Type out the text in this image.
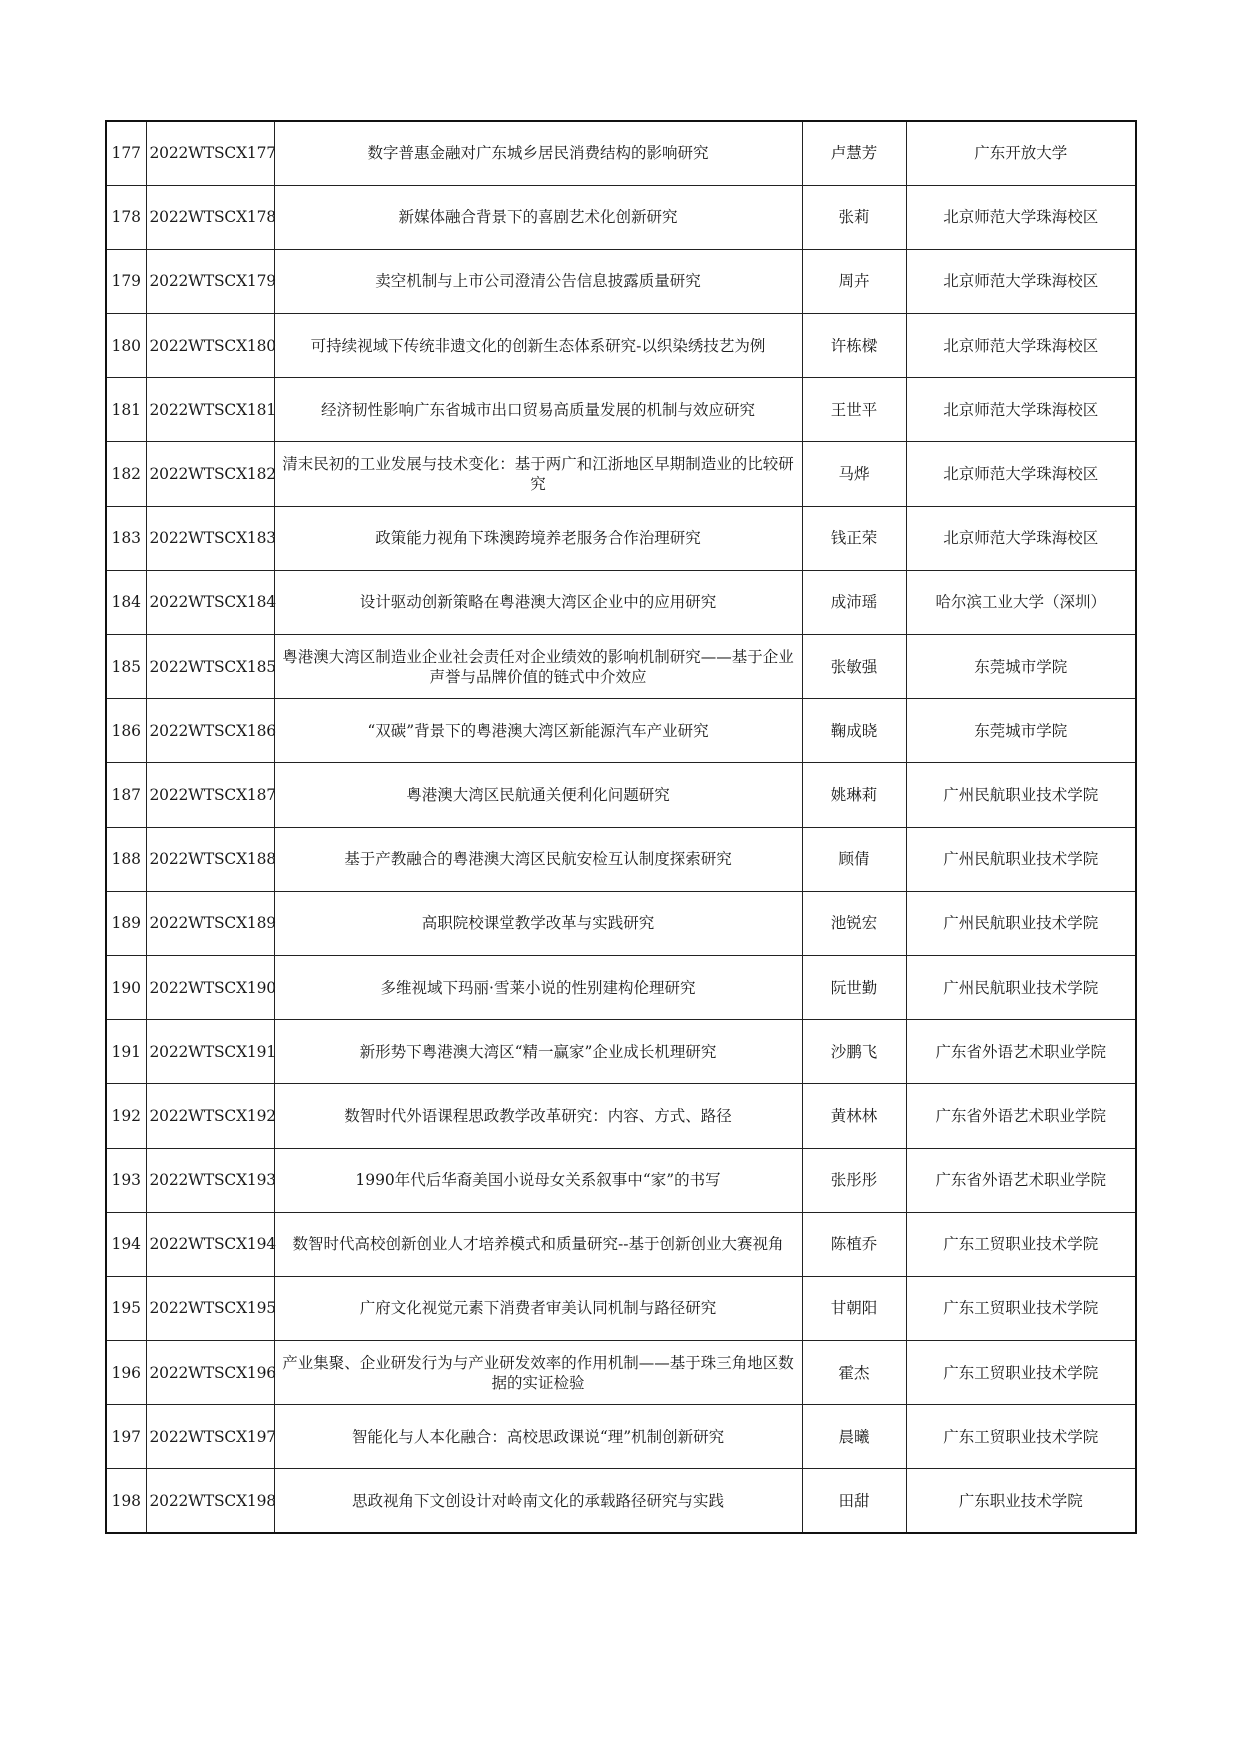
177	2022WTSCX177	数字普惠金融对广东城乡居民消费结构的影响研究	卢慧芳	广东开放大学
178	2022WTSCX178	新媒体融合背景下的喜剧艺术化创新研究	张莉	北京师范大学珠海校区
179	2022WTSCX179	卖空机制与上市公司澄清公告信息披露质量研究	周卉	北京师范大学珠海校区
180	2022WTSCX180	可持续视域下传统非遗文化的创新生态体系研究-以织染绣技艺为例	许栋樑	北京师范大学珠海校区
181	2022WTSCX181	经济韧性影响广东省城市出口贸易高质量发展的机制与效应研究	王世平	北京师范大学珠海校区
182	2022WTSCX182	清末民初的工业发展与技术变化：基于两广和江浙地区早期制造业的比较研究	马烨	北京师范大学珠海校区
183	2022WTSCX183	政策能力视角下珠澳跨境养老服务合作治理研究	钱正荣	北京师范大学珠海校区
184	2022WTSCX184	设计驱动创新策略在粤港澳大湾区企业中的应用研究	成沛瑶	哈尔滨工业大学（深圳）
185	2022WTSCX185	粤港澳大湾区制造业企业社会责任对企业绩效的影响机制研究——基于企业声誉与品牌价值的链式中介效应	张敏强	东莞城市学院
186	2022WTSCX186	“双碳”背景下的粤港澳大湾区新能源汽车产业研究	鞠成晓	东莞城市学院
187	2022WTSCX187	粤港澳大湾区民航通关便利化问题研究	姚琳莉	广州民航职业技术学院
188	2022WTSCX188	基于产教融合的粤港澳大湾区民航安检互认制度探索研究	顾倩	广州民航职业技术学院
189	2022WTSCX189	高职院校课堂教学改革与实践研究	池锐宏	广州民航职业技术学院
190	2022WTSCX190	多维视域下玛丽·雪莱小说的性别建构伦理研究	阮世勤	广州民航职业技术学院
191	2022WTSCX191	新形势下粤港澳大湾区“精一赢家”企业成长机理研究	沙鹏飞	广东省外语艺术职业学院
192	2022WTSCX192	数智时代外语课程思政教学改革研究：内容、方式、路径	黄林林	广东省外语艺术职业学院
193	2022WTSCX193	1990年代后华裔美国小说母女关系叙事中“家”的书写	张彤彤	广东省外语艺术职业学院
194	2022WTSCX194	数智时代高校创新创业人才培养模式和质量研究--基于创新创业大赛视角	陈植乔	广东工贸职业技术学院
195	2022WTSCX195	广府文化视觉元素下消费者审美认同机制与路径研究	甘朝阳	广东工贸职业技术学院
196	2022WTSCX196	产业集聚、企业研发行为与产业研发效率的作用机制——基于珠三角地区数据的实证检验	霍杰	广东工贸职业技术学院
197	2022WTSCX197	智能化与人本化融合：高校思政课说“理”机制创新研究	晨曦	广东工贸职业技术学院
198	2022WTSCX198	思政视角下文创设计对岭南文化的承载路径研究与实践	田甜	广东职业技术学院
